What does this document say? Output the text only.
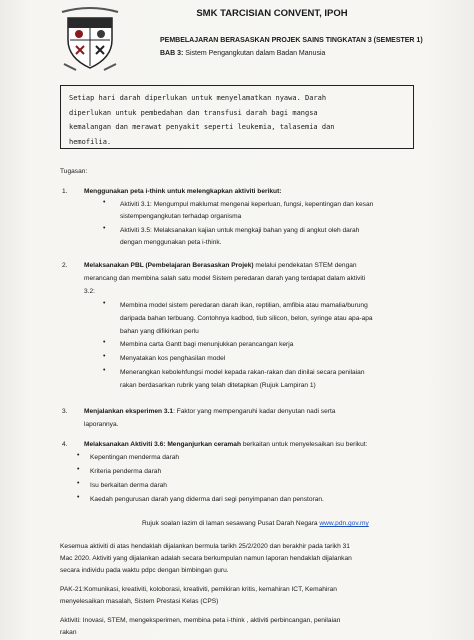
SMK TARCISIAN CONVENT, IPOH
PEMBELAJARAN BERASASKAN PROJEK SAINS TINGKATAN 3 (SEMESTER 1)
BAB 3: Sistem Pengangkutan dalam Badan Manusia
Setiap hari darah diperlukan untuk menyelamatkan nyawa. Darah
diperlukan untuk pembedahan dan transfusi darah bagi mangsa
kemalangan dan merawat penyakit seperti leukemia, talasemia dan
hemofilia.
Tugasan:
1.	Menggunakan peta i-think untuk melengkapkan aktiviti berikut:
• Aktiviti 3.1: Mengumpul maklumat mengenai keperluan, fungsi, kepentingan dan kesan
sistempengangkutan terhadap organisma
• Aktiviti 3.5: Melaksanakan kajian untuk mengkaji bahan yang di angkut oleh darah
dengan menggunakan peta i-think.
2.	Melaksanakan PBL (Pembelajaran Berasaskan Projek) melalui pendekatan STEM dengan
merancang dan membina salah satu model Sistem peredaran darah yang terdapat dalam aktiviti
3.2:
• Membina model sistem peredaran darah ikan, reptilian, amfibia atau mamalia/burung
daripada bahan terbuang. Contohnya kadbod, tiub silicon, belon, syringe atau apa-apa
bahan yang difikirkan perlu
• Membina carta Gantt bagi menunjukkan perancangan kerja
• Menyatakan kos penghasilan model
• Menerangkan kebolehfungsi model kepada rakan-rakan dan dinilai secara penilaian
rakan berdasarkan rubrik yang telah ditetapkan (Rujuk Lampiran 1)
3.	Menjalankan eksperimen 3.1: Faktor yang mempengaruhi kadar denyutan nadi serta
laporannya.
4.	Melaksanakan Aktiviti 3.6: Menganjurkan ceramah berkaitan untuk menyelesaikan isu berikut:
• Kepentingan menderma darah
• Kriteria penderma darah
• Isu berkaitan derma darah
• Kaedah pengurusan darah yang diderma dari segi penyimpanan dan penstoran.
Rujuk soalan lazim di laman sesawang Pusat Darah Negara www.pdn.gov.my
Kesemua aktiviti di atas hendaklah dijalankan bermula tarikh 25/2/2020 dan berakhir pada tarikh 31
Mac 2020. Aktiviti yang dijalankan adalah secara berkumpulan namun laporan hendaklah dijalankan
secara individu pada waktu pdpc dengan bimbingan guru.
PAK-21:Komunikasi, kreativiti, koloborasi, kreativiti, pemikiran kritis, kemahiran ICT, Kemahiran
menyelesaikan masalah, Sistem Prestasi Kelas (CPS)
Aktiviti: Inovasi, STEM, mengeksperimen, membina peta i-think , aktiviti perbincangan, penilaian
rakan
